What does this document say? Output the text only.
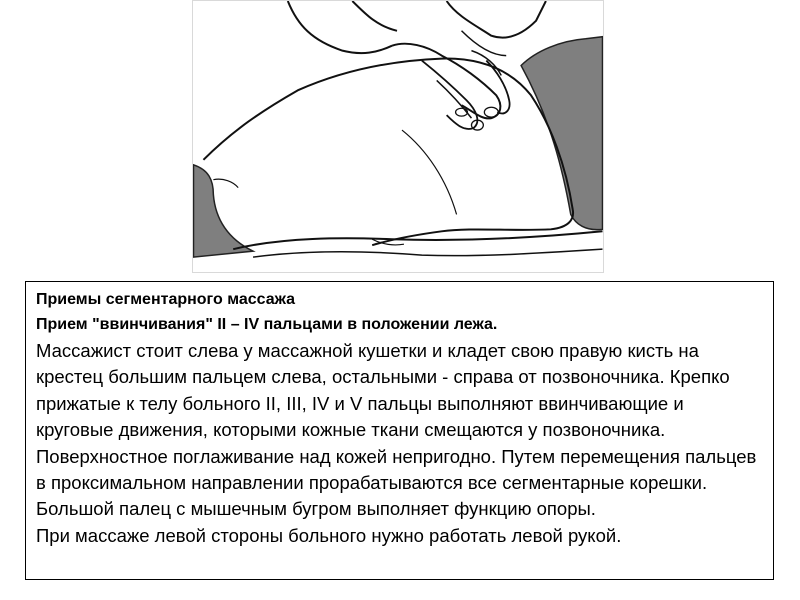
Приемы сегментарного массажа

Прием "ввинчивания" II – IV пальцами в положении лежа.

Массажист стоит слева у массажной кушетки и кладет свою правую кисть на крестец большим пальцем слева, остальными - справа от позвоночника. Крепко прижатые к телу больного II, III, IV и V пальцы выполняют ввинчивающие и круговые движения, которыми кожные ткани смещаются у позвоночника. Поверхностное поглаживание над кожей непригодно. Путем перемещения пальцев в проксимальном направлении прорабатываются все сегментарные корешки. Большой палец с мышечным бугром выполняет функцию опоры.

При массаже левой стороны больного нужно работать левой рукой.
